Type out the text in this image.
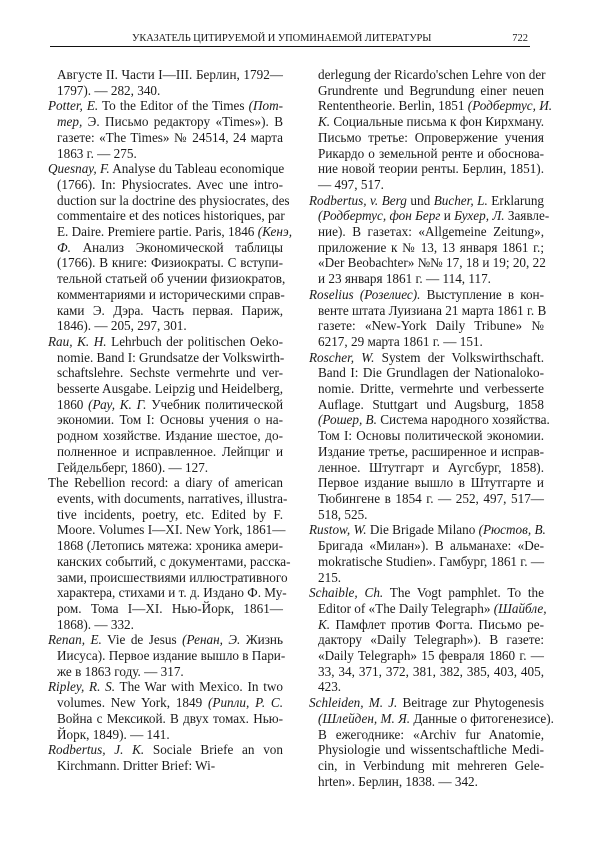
УКАЗАТЕЛЬ ЦИТИРУЕМОЙ И УПОМИНАЕМОЙ ЛИТЕРАТУРЫ	722
Августе II. Части I—III. Берлин, 1792—
1797). — 282, 340.
Potter, E. To the Editor of the Times (Пот-
тер, Э. Письмо редактору «Times»). В
газете: «The Times» № 24514, 24 марта
1863 г. — 275.
Quesnay, F. Analyse du Tableau economique
(1766). In: Physiocrates. Avec une intro-
duction sur la doctrine des physiocrates, des
commentaire et des notices historiques, par
E. Daire. Premiere partie. Paris, 1846 (Кенэ,
Ф. Анализ Экономической таблицы
(1766). В книге: Физиократы. С вступи-
тельной статьей об учении физиократов,
комментариями и историческими справ-
ками Э. Дэра. Часть первая. Париж,
1846). — 205, 297, 301.
Rau, K. H. Lehrbuch der politischen Oeko-
nomie. Band I: Grundsatze der Volkswirth-
schaftslehre. Sechste vermehrte und ver-
besserte Ausgabe. Leipzig und Heidelberg,
1860 (Рау, К. Г. Учебник политической
экономии. Том I: Основы учения о на-
родном хозяйстве. Издание шестое, до-
полненное и исправленное. Лейпциг и
Гейдельберг, 1860). — 127.
The Rebellion record: a diary of american
events, with documents, narratives, illustra-
tive incidents, poetry, etc. Edited by F.
Moore. Volumes I—XI. New York, 1861—
1868 (Летопись мятежа: хроника амери-
канских событий, с документами, расска-
зами, происшествиями иллюстративного
характера, стихами и т. д. Издано Ф. Му-
ром. Тома I—XI. Нью-Йорк, 1861—
1868). — 332.
Renan, E. Vie de Jesus (Ренан, Э. Жизнь
Иисуса). Первое издание вышло в Пари-
же в 1863 году. — 317.
Ripley, R. S. The War with Mexico. In two
volumes. New York, 1849 (Рипли, Р. С.
Война с Мексикой. В двух томах. Нью-
Йорк, 1849). — 141.
Rodbertus, J. K. Sociale Briefe an von
Kirchmann. Dritter Brief: Wi-
derlegung der Ricardo'schen Lehre von der
Grundrente und Begrundung einer neuen
Rententheorie. Berlin, 1851 (Родбертус, И.
К. Социальные письма к фон Кирхману.
Письмо третье: Опровержение учения
Рикардо о земельной ренте и обоснова-
ние новой теории ренты. Берлин, 1851).
— 497, 517.
Rodbertus, v. Berg und Bucher, L. Erklarung
(Родбертус, фон Берг и Бухер, Л. Заявле-
ние). В газетах: «Allgemeine Zeitung»,
приложение к № 13, 13 января 1861 г.;
«Der Beobachter» №№ 17, 18 и 19; 20, 22
и 23 января 1861 г. — 114, 117.
Roselius (Розелиес). Выступление в кон-
венте штата Луизиана 21 марта 1861 г. В
газете: «New-York Daily Tribune» №
6217, 29 марта 1861 г. — 151.
Roscher, W. System der Volkswirthschaft.
Band I: Die Grundlagen der Nationaloko-
nomie. Dritte, vermehrte und verbesserte
Auflage. Stuttgart und Augsburg, 1858
(Рошер, В. Система народного хозяйства.
Том I: Основы политической экономии.
Издание третье, расширенное и исправ-
ленное. Штутгарт и Аугсбург, 1858).
Первое издание вышло в Штутгарте и
Тюбингене в 1854 г. — 252, 497, 517—
518, 525.
Rustow, W. Die Brigade Milano (Рюстов, В.
Бригада «Милан»). В альманахе: «De-
mokratische Studien». Гамбург, 1861 г. —
215.
Schaible, Ch. The Vogt pamphlet. To the
Editor of «The Daily Telegraph» (Шайбле,
К. Памфлет против Фогта. Письмо ре-
дактору «Daily Telegraph»). В газете:
«Daily Telegraph» 15 февраля 1860 г. —
33, 34, 371, 372, 381, 382, 385, 403, 405,
423.
Schleiden, M. J. Beitrage zur Phytogenesis
(Шлейден, М. Я. Данные о фитогенезисе).
В ежегоднике: «Archiv fur Anatomie,
Physiologie und wissentschaftliche Medi-
cin, in Verbindung mit mehreren Gele-
hrten». Берлин, 1838. — 342.
